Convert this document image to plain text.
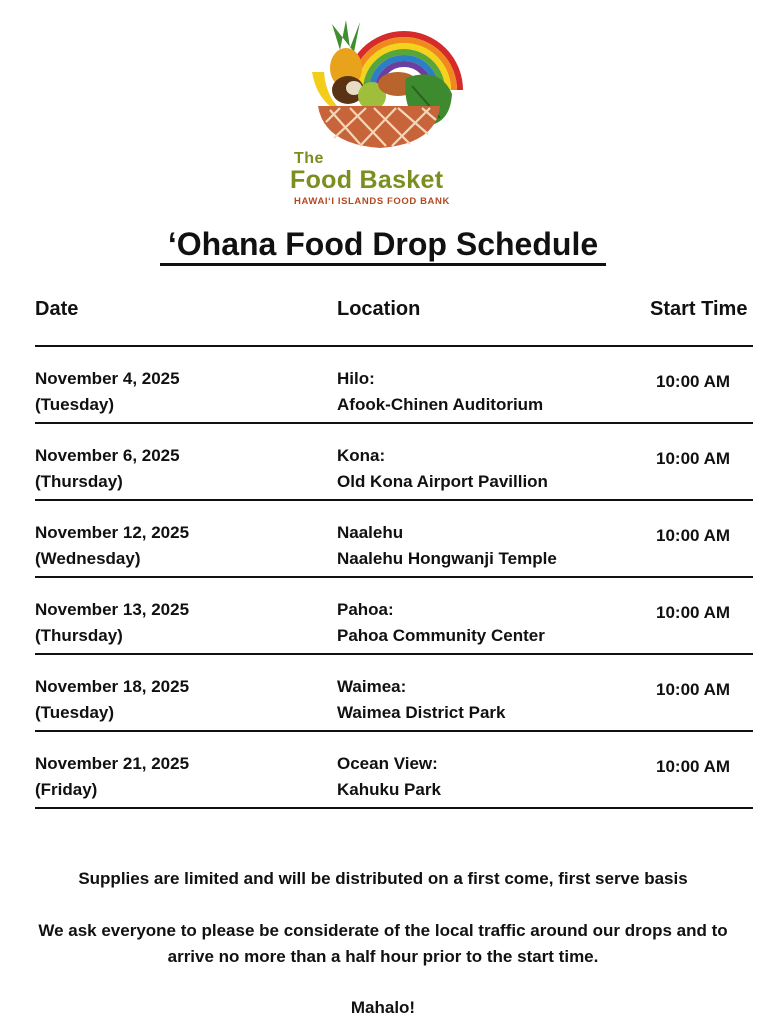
The
Food Basket
HAWAI‘I ISLANDS FOOD BANK
‘Ohana Food Drop Schedule
Date	Location	Start Time
November 4, 2025
(Tuesday)
Hilo:
Afook-Chinen Auditorium
10:00 AM
November 6, 2025
(Thursday)
Kona:
Old Kona Airport Pavillion
10:00 AM
November 12, 2025
(Wednesday)
Naalehu
Naalehu Hongwanji Temple
10:00 AM
November 13, 2025
(Thursday)
Pahoa:
Pahoa Community Center
10:00 AM
November 18, 2025
(Tuesday)
Waimea:
Waimea District Park
10:00 AM
November 21, 2025
(Friday)
Ocean View:
Kahuku Park
10:00 AM
Supplies are limited and will be distributed on a first come, first serve basis
We ask everyone to please be considerate of the local traffic around our drops and to arrive no more than a half hour prior to the start time.
Mahalo!
